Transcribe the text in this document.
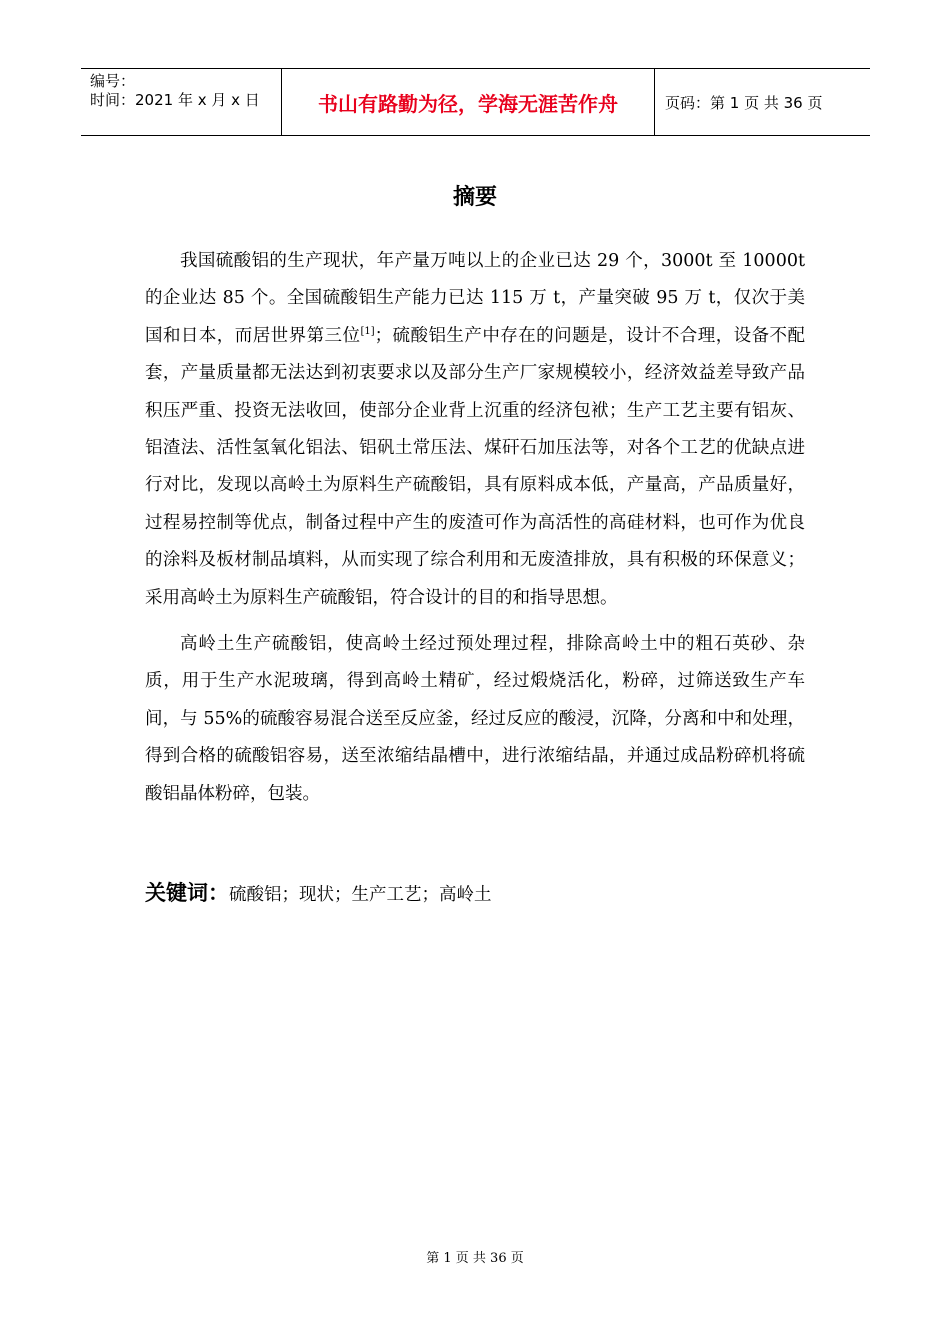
编号：
时间：2021 年 x 月 x 日	书山有路勤为径，学海无涯苦作舟	页码：第 1 页 共 36 页
摘要

我国硫酸铝的生产现状，年产量万吨以上的企业已达 29 个，3000t 至 10000t 的企业达 85 个。全国硫酸铝生产能力已达 115 万 t，产量突破 95 万 t，仅次于美国和日本，而居世界第三位[1]；硫酸铝生产中存在的问题是，设计不合理，设备不配套，产量质量都无法达到初衷要求以及部分生产厂家规模较小，经济效益差导致产品积压严重、投资无法收回，使部分企业背上沉重的经济包袱；生产工艺主要有铝灰、铝渣法、活性氢氧化铝法、铝矾土常压法、煤矸石加压法等，对各个工艺的优缺点进行对比，发现以高岭土为原料生产硫酸铝，具有原料成本低，产量高，产品质量好，过程易控制等优点，制备过程中产生的废渣可作为高活性的高硅材料，也可作为优良的涂料及板材制品填料，从而实现了综合利用和无废渣排放，具有积极的环保意义；采用高岭土为原料生产硫酸铝，符合设计的目的和指导思想。

高岭土生产硫酸铝，使高岭土经过预处理过程，排除高岭土中的粗石英砂、杂质，用于生产水泥玻璃，得到高岭土精矿，经过煅烧活化，粉碎，过筛送致生产车间，与 55%的硫酸容易混合送至反应釜，经过反应的酸浸，沉降，分离和中和处理，得到合格的硫酸铝容易，送至浓缩结晶槽中，进行浓缩结晶，并通过成品粉碎机将硫酸铝晶体粉碎，包装。

关键词：硫酸铝；现状；生产工艺；高岭土
第 1 页 共 36 页
